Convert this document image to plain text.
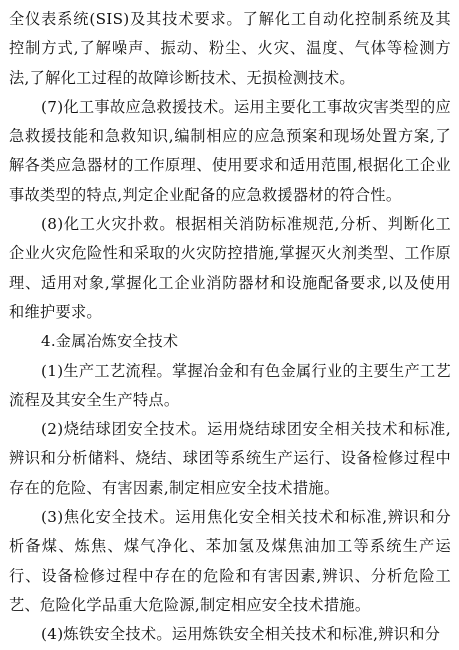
全仪表系统(SIS)及其技术要求。了解化工自动化控制系统及其控制方式,了解噪声、振动、粉尘、火灾、温度、气体等检测方法,了解化工过程的故障诊断技术、无损检测技术。

(7)化工事故应急救援技术。运用主要化工事故灾害类型的应急救援技能和急救知识,编制相应的应急预案和现场处置方案,了解各类应急器材的工作原理、使用要求和适用范围,根据化工企业事故类型的特点,判定企业配备的应急救援器材的符合性。

(8)化工火灾扑救。根据相关消防标准规范,分析、判断化工企业火灾危险性和采取的火灾防控措施,掌握灭火剂类型、工作原理、适用对象,掌握化工企业消防器材和设施配备要求,以及使用和维护要求。

4.金属冶炼安全技术

(1)生产工艺流程。掌握冶金和有色金属行业的主要生产工艺流程及其安全生产特点。

(2)烧结球团安全技术。运用烧结球团安全相关技术和标准,辨识和分析储料、烧结、球团等系统生产运行、设备检修过程中存在的危险、有害因素,制定相应安全技术措施。

(3)焦化安全技术。运用焦化安全相关技术和标准,辨识和分析备煤、炼焦、煤气净化、苯加氢及煤焦油加工等系统生产运行、设备检修过程中存在的危险和有害因素,辨识、分析危险工艺、危险化学品重大危险源,制定相应安全技术措施。

(4)炼铁安全技术。运用炼铁安全相关技术和标准,辨识和分
